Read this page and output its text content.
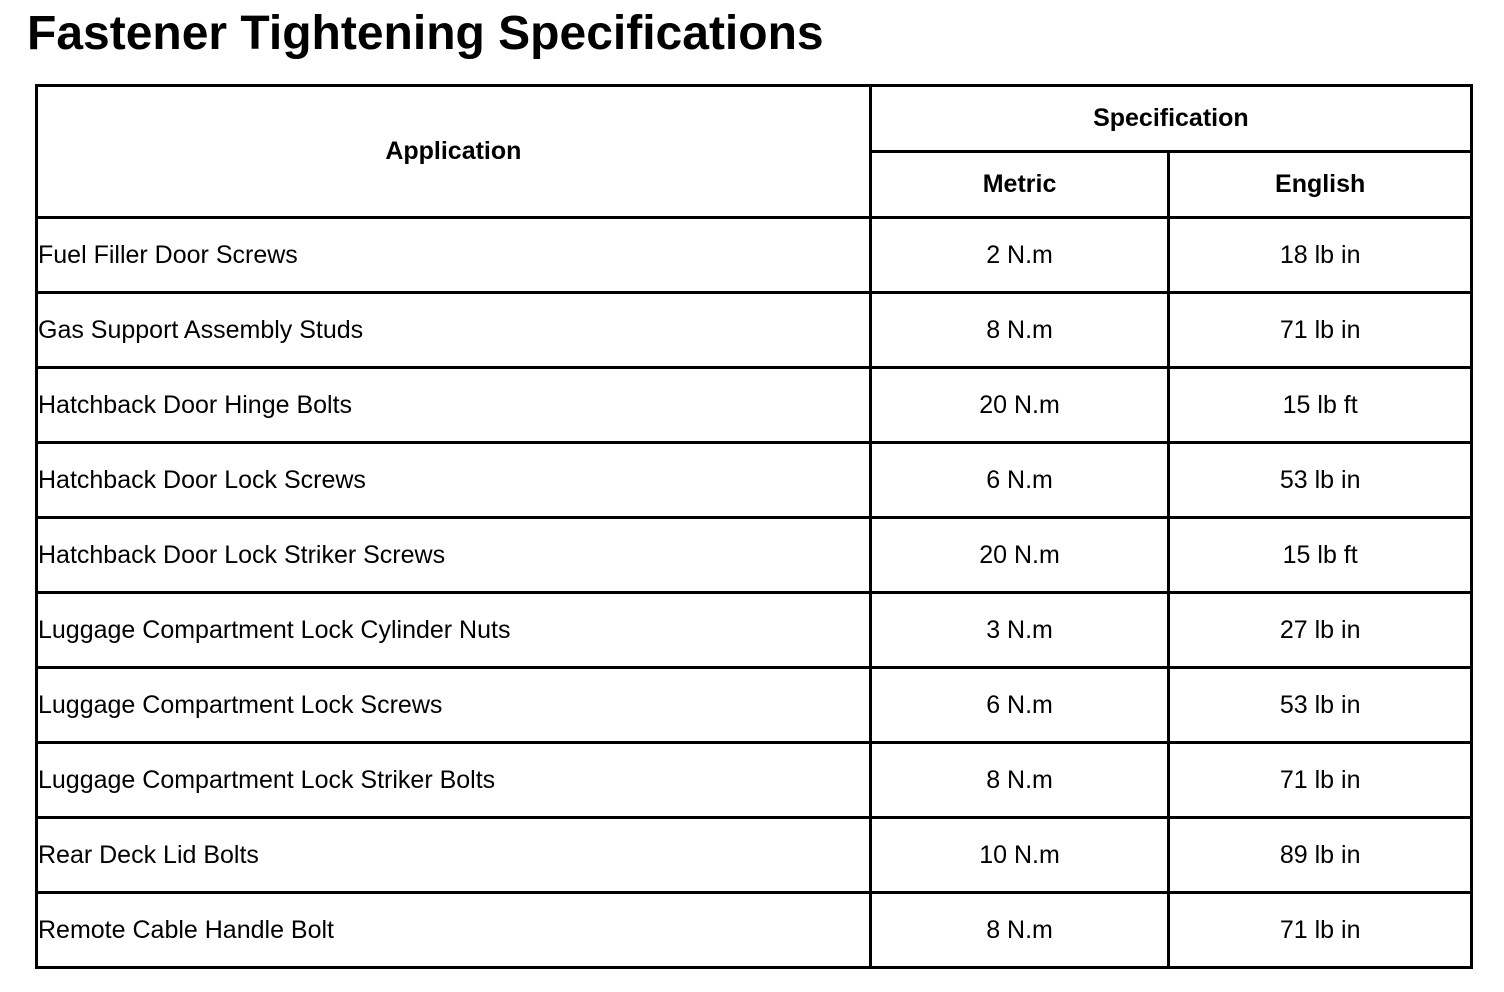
Fastener Tightening Specifications
Application	Specification	
	Metric	English
Fuel Filler Door Screws	2 N.m	18 lb in
Gas Support Assembly Studs	8 N.m	71 lb in
Hatchback Door Hinge Bolts	20 N.m	15 lb ft
Hatchback Door Lock Screws	6 N.m	53 lb in
Hatchback Door Lock Striker Screws	20 N.m	15 lb ft
Luggage Compartment Lock Cylinder Nuts	3 N.m	27 lb in
Luggage Compartment Lock Screws	6 N.m	53 lb in
Luggage Compartment Lock Striker Bolts	8 N.m	71 lb in
Rear Deck Lid Bolts	10 N.m	89 lb in
Remote Cable Handle Bolt	8 N.m	71 lb in
